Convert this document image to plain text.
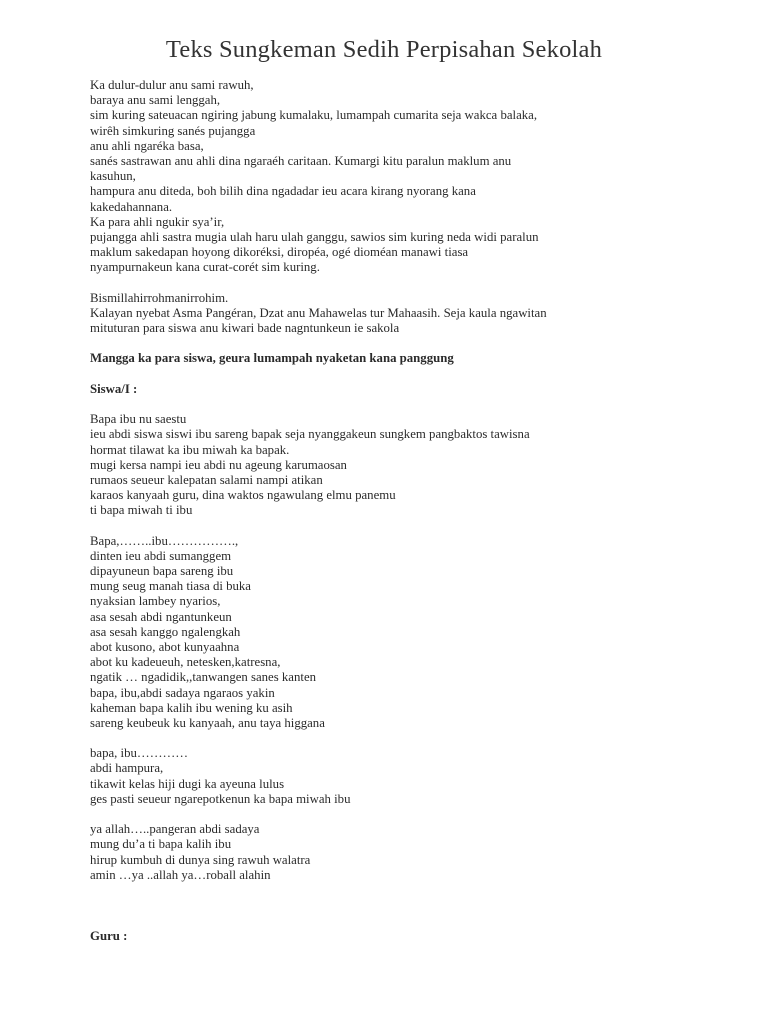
Teks Sungkeman Sedih Perpisahan Sekolah
Ka dulur-dulur anu sami rawuh,
baraya anu sami lenggah,
sim kuring sateuacan ngiring jabung kumalaku, lumampah cumarita seja wakca balaka,
wirêh simkuring sanés pujangga
anu ahli ngaréka basa,
sanés sastrawan anu ahli dina ngaraéh caritaan. Kumargi kitu paralun maklum anu
kasuhun,
hampura anu diteda, boh bilih dina ngadadar ieu acara kirang nyorang kana
kakedahannana.
Ka para ahli ngukir sya’ir,
pujangga ahli sastra mugia ulah haru ulah ganggu, sawios sim kuring neda widi paralun
maklum sakedapan hoyong dikoréksi, diropéa, ogé dioméan manawi tiasa
nyampurnakeun kana curat-corét sim kuring.
Bismillahirrohmanirrohim.
Kalayan nyebat Asma Pangéran, Dzat anu Mahawelas tur Mahaasih. Seja kaula ngawitan
mituturan para siswa anu kiwari bade nagntunkeun ie sakola
Mangga ka para siswa, geura lumampah nyaketan kana panggung
Siswa/I :
Bapa ibu nu saestu
ieu abdi siswa siswi ibu sareng bapak seja nyanggakeun sungkem pangbaktos tawisna
hormat tilawat ka ibu miwah ka bapak.
mugi kersa nampi ieu abdi nu ageung karumaosan
rumaos seueur kalepatan salami nampi atikan
karaos kanyaah guru, dina waktos ngawulang elmu panemu
ti bapa miwah ti ibu
Bapa,……..ibu…………….,
dinten ieu abdi sumanggem
dipayuneun bapa sareng ibu
mung seug manah tiasa di buka
nyaksian lambey nyarios,
asa sesah abdi ngantunkeun
asa sesah kanggo ngalengkah
abot kusono, abot kunyaahna
abot ku kadeueuh, netesken,katresna,
ngatik … ngadidik,,tanwangen sanes kanten
bapa, ibu,abdi sadaya ngaraos yakin
kaheman bapa kalih ibu wening ku asih
sareng keubeuk ku kanyaah, anu taya higgana
bapa, ibu…………
abdi hampura,
tikawit kelas hiji dugi ka ayeuna lulus
ges pasti seueur ngarepotkenun ka bapa miwah ibu
ya allah…..pangeran abdi sadaya
mung du’a ti bapa kalih ibu
hirup kumbuh di dunya sing rawuh walatra
amin …ya ..allah ya…roball alahin
Guru :
